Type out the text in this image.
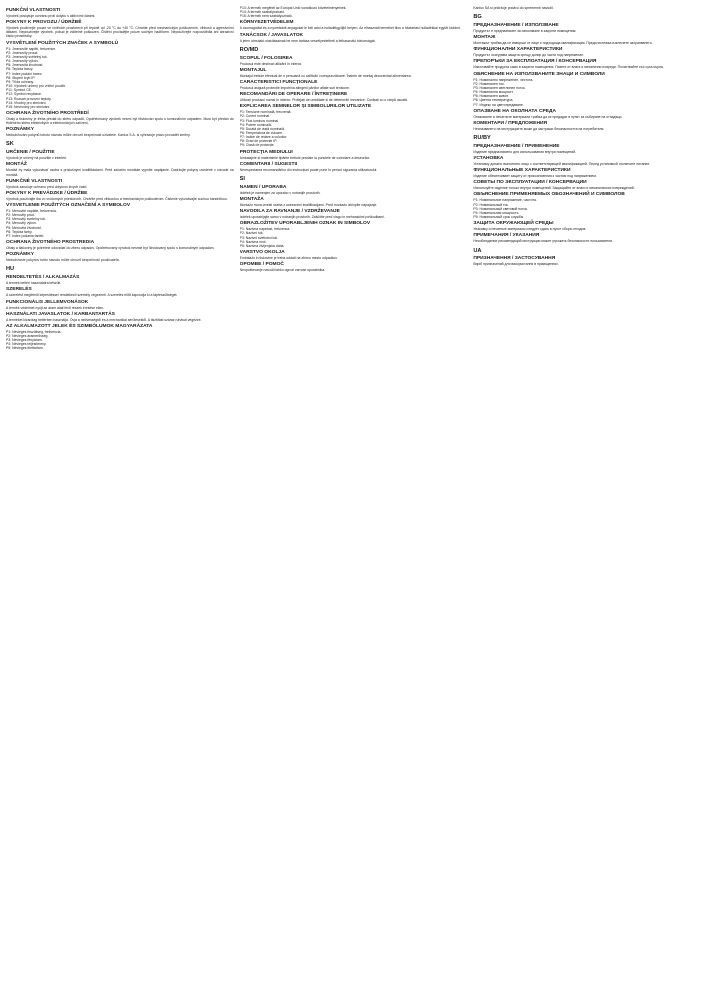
FUNKČNÍ VLASTNOSTI
Výrobek poskytuje ochranu proti dotyku s aktivními částmi.
POKYNY K PROVOZU / ÚDRŽBĚ
Výrobek používejte pouze ve vnitřních prostorech při teplotě od -20 °C do +40 °C. Chraňte před mechanickým poškozením, vlhkostí a agresivními látkami. Nepoužívejte výrobek, pokud je viditelně poškozen. Čištění provádějte pouze suchým hadříkem. Nepoužívejte rozpouštědla ani abrazivní čisticí prostředky.
VYSVĚTLENÍ POUŽITÝCH ZNAČEK A SYMBOLŮ
P1: Jmenovité napětí, frekvence.
P2: Jmenovitý proud.
P3: Jmenovitý světelný tok.
P4: Jmenovitý výkon.
P5: Jmenovitá životnost.
P6: Teplota barvy.
P7: Index podání barev.
P8: Stupeň krytí IP.
P9: Třída ochrany.
P10: Výrobek určený pro vnitřní použití.
P11: Symbol CE.
P12: Symbol recyklace.
P13: Rozsah provozní teploty.
P14: Vhodný pro stmívání.
P15: Nevhodný pro stmívání.
OCHRANA ŽIVOTNÍHO PROSTŘEDÍ
Obaly a tiskoviny je třeba předat do sběru odpadů. Opotřebovaný výrobek nesmí být likvidován spolu s komunálním odpadem. Musí být předán do tříděného sběru elektrických a elektronických zařízení.
POZNÁMKY
Nedodržování pokynů tohoto návodu může ohrozit bezpečnost uživatele. Kanlux S.A. si vyhrazuje právo provádět změny.
SK
URČENIE / POUŽITIE
Výrobok je určený na použitie v interiéri.
MONTÁŽ
Montáž by mala vykonávať osoba s príslušnými kvalifikáciami. Pred začatím montáže vypnite napájanie. Dodržujte pokyny uvedené v návode na montáž.
FUNKČNÉ VLASTNOSTI
Výrobok zaručuje ochranu pred dotykom živých častí.
POKYNY K PREVÁDZKE / ÚDRŽBE
Výrobok používajte iba vo vnútorných priestoroch. Chráňte pred vlhkosťou a mechanickým poškodením. Čistenie vykonávajte suchou handričkou.
VYSVETLENIE POUŽITÝCH OZNAČENÍ A SYMBOLOV
P1: Menovité napätie, frekvencia.
P2: Menovitý prúd.
P3: Menovitý svetelný tok.
P4: Menovitý výkon.
P5: Menovitá životnosť.
P6: Teplota farby.
P7: Index podania farieb.
OCHRANA ŽIVOTNÉHO PROSTREDIA
Obaly a tlačoviny je potrebné odovzdať do zberu odpadov. Opotrebovaný výrobok nesmie byť likvidovaný spolu s komunálnym odpadom.
POZNÁMKY
Nedodržanie pokynov tohto návodu môže ohroziť bezpečnosť používateľa.
HU
RENDELTETÉS / ALKALMAZÁS
A termék beltéri használatra készült.
SZERELÉS
A szerelést megfelelő képesítéssel rendelkező személy végezheti. A szerelés előtt kapcsolja ki a tápfeszültséget.
FUNKCIONÁLIS JELLEMVONÁSOK
A termék védelmet nyújt az áram alatt lévő részek érintése ellen.
HASZNÁLATI JAVASLATOK / KARBANTARTÁS
A terméket kizárólag beltérben használja. Óvja a nedvességtől és a mechanikai sérülésektől. A tisztítást száraz ruhával végezze.
AZ ALKALMAZOTT JELEK ÉS SZIMBÓLUMOK MAGYARÁZATA
P1: Névleges feszültség, frekvencia.
P2: Névleges áramerősség.
P3: Névleges fényáram.
P4: Névleges teljesítmény.
P5: Névleges élettartam.
P13: A termék megfelel az Európai Unió vonatkozó követelményeinek.
P14: A termék szabályozható.
P15: A termék nem szabályozható.
KÖRNYEZETVÉDELEM
A csomagolást és a nyomtatott anyagokat le kell adni a hulladékgyűjtő helyen. Az elhasznált terméket tilos a háztartási hulladékkal együtt kidobni.
TANÁCSOK / JAVASLATOK
A jelen útmutató utasításainak be nem tartása veszélyeztetheti a felhasználó biztonságát.
RO/MD
SCOPUL / FOLOSIREA
Produsul este destinat utilizării în interior.
MONTAJUL
Montajul trebuie efectuat de o persoană cu calificări corespunzătoare. Înainte de montaj deconectați alimentarea.
CARACTERISTICI FUNCȚIONALE
Produsul asigură protecție împotriva atingerii părților aflate sub tensiune.
RECOMANDĂRI DE OPERARE / ÎNTREȚINERE
Utilizați produsul numai în interior. Protejați de umiditate și de deteriorări mecanice. Curățați cu o cârpă uscată.
EXPLICAREA SEMNELOR ȘI SIMBOLURILOR UTILIZATE
P1: Tensiune nominală, frecvență.
P2: Curent nominal.
P3: Flux luminos nominal.
P4: Putere nominală.
P5: Durată de viață nominală.
P6: Temperatura de culoare.
P7: Indice de redare a culorilor.
P8: Grad de protecție IP.
P9: Clasă de protecție.
PROTECȚIA MEDIULUI
Ambalajele și materialele tipărite trebuie predate la punctele de colectare a deșeurilor.
COMENTARII / SUGESTII
Nerespectarea recomandărilor din instrucțiuni poate pune în pericol siguranța utilizatorului.
SI
NAMEN / UPORABA
Izdelek je namenjen za uporabo v notranjih prostorih.
MONTAŽA
Montažo mora izvesti oseba z ustreznimi kvalifikacijami. Pred montažo izklopite napajanje.
NAVODILA ZA RAVNANJE / VZDRŽEVANJE
Izdelek uporabljajte samo v notranjih prostorih. Zaščitite pred vlago in mehanskimi poškodbami.
OBRAZLOŽITEV UPORABLJENIH OZNAK IN SIMBOLOV
P1: Nazivna napetost, frekvenca.
P2: Nazivni tok.
P3: Nazivni svetlobni tok.
P4: Nazivna moč.
P5: Nazivna življenjska doba.
VARSTVO OKOLJA
Embalažo in tiskovine je treba oddati na zbirno mesto odpadkov.
OPOMBE / POMOČ
Neupoštevanje navodil lahko ogrozi varnost uporabnika.
Kanlux SA si pridržuje pravico do sprememb navodil.
BG
ПРЕДНАЗНАЧЕНИЕ / ИЗПОЛЗВАНЕ
Продуктът е предназначен за използване в закрити помещения.
МОНТАЖ
Монтажът трябва да се извърши от лице с подходяща квалификация. Преди монтажа изключете захранването.
ФУНКЦИОНАЛНИ ХАРАКТЕРИСТИКИ
Продуктът осигурява защита срещу допир до части под напрежение.
ПРЕПОРЪКИ ЗА ЕКСПЛОАТАЦИЯ / КОНСЕРВАЦИЯ
Използвайте продукта само в закрити помещения. Пазете от влага и механични повреди. Почиствайте със суха кърпа.
ОБЯСНЕНИЕ НА ИЗПОЛЗВАНИТЕ ЗНАЦИ И СИМВОЛИ
P1: Номинално напрежение, честота.
P2: Номинален ток.
P3: Номинален светлинен поток.
P4: Номинална мощност.
P5: Номинален живот.
P6: Цветна температура.
P7: Индекс на цветопредаване.
ОПАЗВАНЕ НА ОКОЛНАТА СРЕДА
Опаковките и печатните материали трябва да се предадат в пункт за събиране на отпадъци.
КОМЕНТАРИ / ПРЕДЛОЖЕНИЯ
Неспазването на инструкциите може да застраши безопасността на потребителя.
RU/BY
ПРЕДНАЗНАЧЕНИЕ / ПРИМЕНЕНИЕ
Изделие предназначено для использования внутри помещений.
УСТАНОВКА
Установку должно выполнять лицо с соответствующей квалификацией. Перед установкой отключите питание.
ФУНКЦИОНАЛЬНЫЕ ХАРАКТЕРИСТИКИ
Изделие обеспечивает защиту от прикосновения к частям под напряжением.
СОВЕТЫ ПО ЭКСПЛУАТАЦИИ / КОНСЕРВАЦИИ
Используйте изделие только внутри помещений. Защищайте от влаги и механических повреждений.
ОБЪЯСНЕНИЕ ПРИМЕНЯЕМЫХ ОБОЗНАЧЕНИЙ И СИМВОЛОВ
P1: Номинальное напряжение, частота.
P2: Номинальный ток.
P3: Номинальный световой поток.
P4: Номинальная мощность.
P5: Номинальный срок службы.
ЗАЩИТА ОКРУЖАЮЩЕЙ СРЕДЫ
Упаковку и печатные материалы следует сдать в пункт сбора отходов.
ПРИМЕЧАНИЯ / УКАЗАНИЯ
Несоблюдение рекомендаций инструкции может угрожать безопасности пользователя.
UA
ПРИЗНАЧЕННЯ / ЗАСТОСУВАННЯ
Виріб призначений для використання в приміщеннях.
